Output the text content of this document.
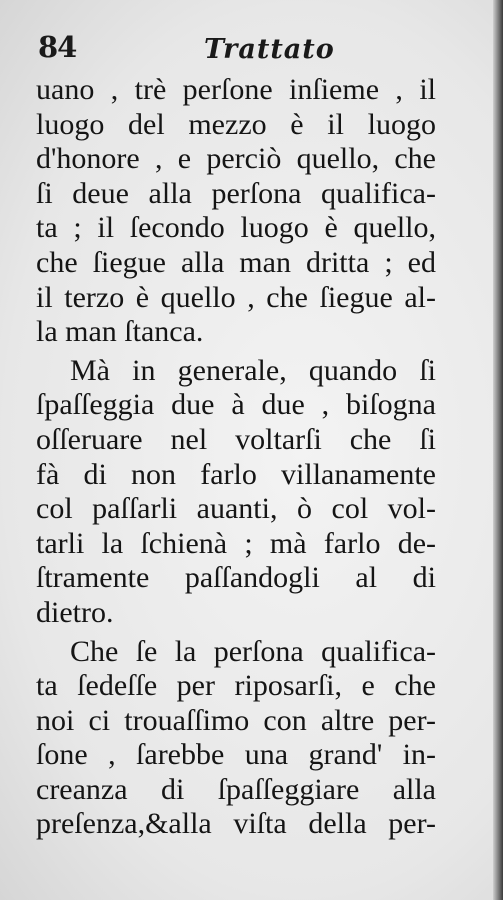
84	Trattato
uano , trè perſone inſieme , il
luogo del mezzo è il luogo
d'honore , e perciò quello, che
ſi deue alla perſona qualifica-
ta ; il ſecondo luogo è quello,
che ſiegue alla man dritta ; ed
il terzo è quello , che ſiegue al-
la man ſtanca.
Mà in generale, quando ſi
ſpaſſeggia due à due , biſogna
oſſeruare nel voltarſi che ſi
fà di non farlo villanamente
col paſſarli auanti, ò col vol-
tarli la ſchienà ; mà farlo de-
ſtramente paſſandogli al di
dietro.
Che ſe la perſona qualifica-
ta ſedeſſe per riposarſi, e che
noi ci trouaſſimo con altre per-
ſone , ſarebbe una grand' in-
creanza di ſpaſſeggiare alla
preſenza,&alla viſta della per-
